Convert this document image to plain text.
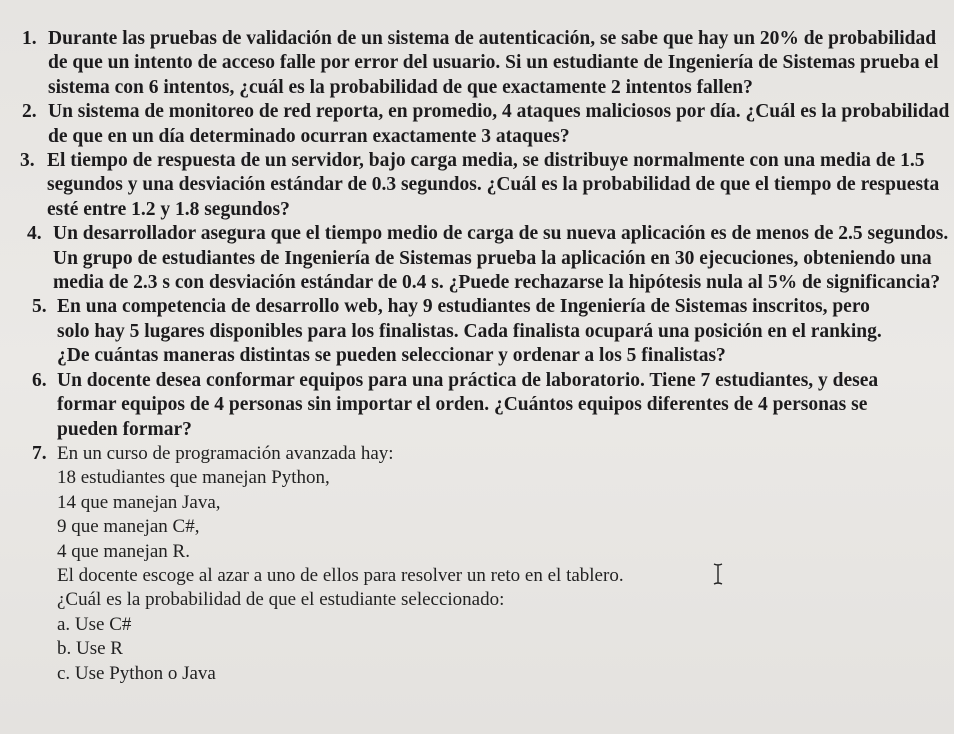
1. Durante las pruebas de validación de un sistema de autenticación, se sabe que hay un 20% de probabilidad
de que un intento de acceso falle por error del usuario. Si un estudiante de Ingeniería de Sistemas prueba el
sistema con 6 intentos, ¿cuál es la probabilidad de que exactamente 2 intentos fallen?
2. Un sistema de monitoreo de red reporta, en promedio, 4 ataques maliciosos por día. ¿Cuál es la probabilidad
de que en un día determinado ocurran exactamente 3 ataques?
3. El tiempo de respuesta de un servidor, bajo carga media, se distribuye normalmente con una media de 1.5
segundos y una desviación estándar de 0.3 segundos. ¿Cuál es la probabilidad de que el tiempo de respuesta
esté entre 1.2 y 1.8 segundos?
4. Un desarrollador asegura que el tiempo medio de carga de su nueva aplicación es de menos de 2.5 segundos.
Un grupo de estudiantes de Ingeniería de Sistemas prueba la aplicación en 30 ejecuciones, obteniendo una
media de 2.3 s con desviación estándar de 0.4 s. ¿Puede rechazarse la hipótesis nula al 5% de significancia?
5. En una competencia de desarrollo web, hay 9 estudiantes de Ingeniería de Sistemas inscritos, pero
solo hay 5 lugares disponibles para los finalistas. Cada finalista ocupará una posición en el ranking.
¿De cuántas maneras distintas se pueden seleccionar y ordenar a los 5 finalistas?
6. Un docente desea conformar equipos para una práctica de laboratorio. Tiene 7 estudiantes, y desea
formar equipos de 4 personas sin importar el orden. ¿Cuántos equipos diferentes de 4 personas se
pueden formar?
7. En un curso de programación avanzada hay:
18 estudiantes que manejan Python,
14 que manejan Java,
9 que manejan C#,
4 que manejan R.
El docente escoge al azar a uno de ellos para resolver un reto en el tablero.
¿Cuál es la probabilidad de que el estudiante seleccionado:
a. Use C#
b. Use R
c. Use Python o Java
